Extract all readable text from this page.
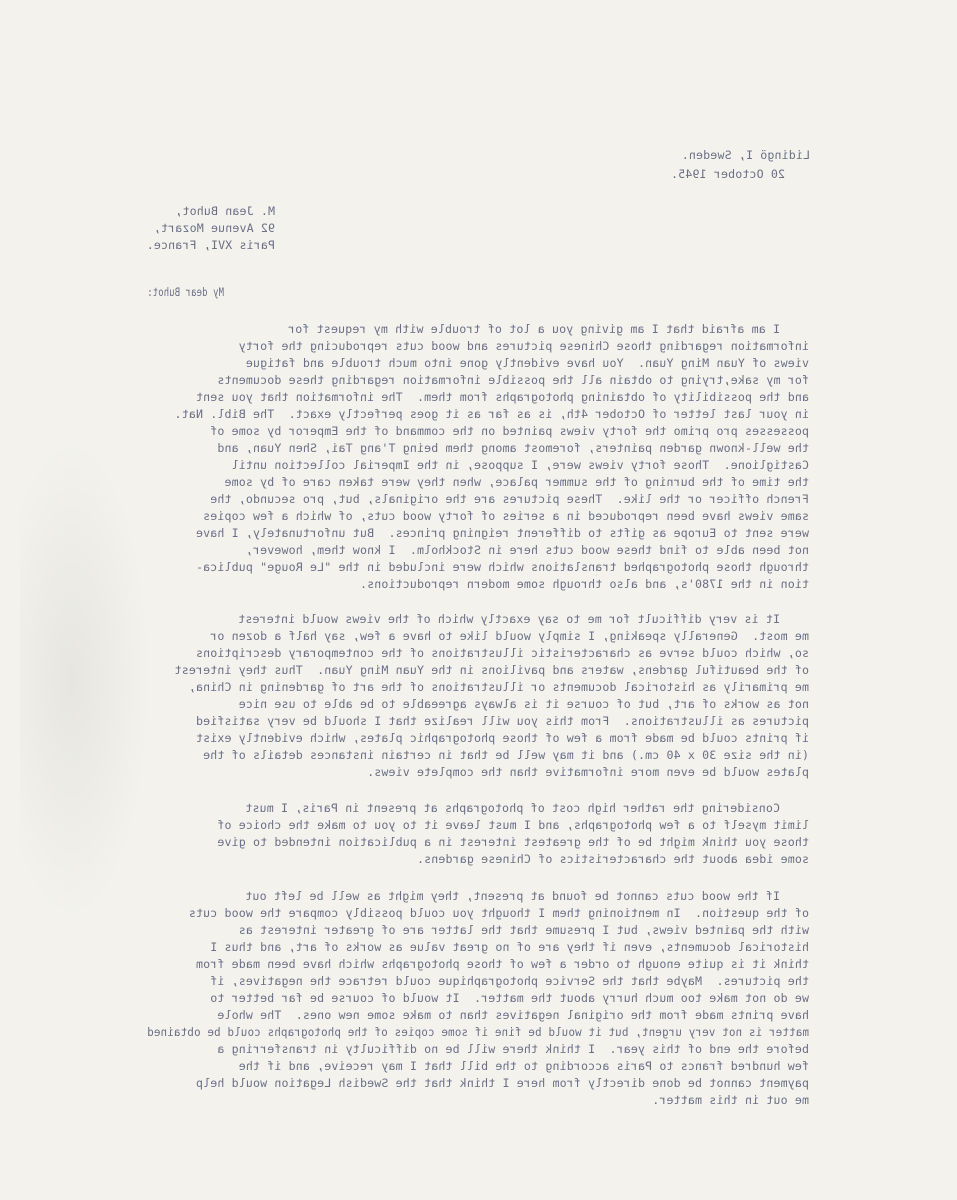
Lidingö I, Sweden.
20 October 1945.
M. Jean Buhot,
92 Avenue Mozart,
Paris XVI, France.
My dear Buhot:
I am afraid that I am giving you a lot of trouble with my request for
information regarding those Chinese pictures and wood cuts reproducing the forty
views of Yuan Ming Yuan.  You have evidently gone into much trouble and fatigue
for my sake,trying to obtain all the possible information regarding these documents
and the possibility of obtaining photographs from them.  The information that you sent
in your last letter of October 4th, is as far as it goes perfectly exact.  The Bibl. Nat.
possesses pro primo the forty views painted on the command of the Emperor by some of
the well-known garden painters, foremost among them being T'ang Tai, Shen Yuan, and
Castiglione.  Those forty views were, I suppose, in the Imperial collection until
the time of the burning of the summer palace, when they were taken care of by some
French officer or the like.  These pictures are the originals, but, pro secundo, the
same views have been reproduced in a series of forty wood cuts, of which a few copies
were sent to Europe as gifts to different reigning princes.  But unfortunately, I have
not been able to find these wood cuts here in Stockholm.  I know them, however,
through those photographed translations which were included in the "Le Rouge" publica-
tion in the 1780's, and also through some modern reproductions.
It is very difficult for me to say exactly which of the views would interest
me most.  Generally speaking, I simply would like to have a few, say half a dozen or
so, which could serve as characteristic illustrations of the contemporary descriptions
of the beautiful gardens, waters and pavilions in the Yuan Ming Yuan.  Thus they interest
me primarily as historical documents or illustrations of the art of gardening in China,
not as works of art, but of course it is always agreeable to be able to use nice
pictures as illustrations.  From this you will realize that I should be very satisfied
if prints could be made from a few of those photographic plates, which evidently exist
(in the size 30 x 40 cm.) and it may well be that in certain instances details of the
plates would be even more informative than the complete views.
Considering the rather high cost of photographs at present in Paris, I must
limit myself to a few photographs, and I must leave it to you to make the choice of
those you think might be of the greatest interest in a publication intended to give
some idea about the characteristics of Chinese gardens.
If the wood cuts cannot be found at present, they might as well be left out
of the question.  In mentioning them I thought you could possibly compare the wood cuts
with the painted views, but I presume that the latter are of greater interest as
historical documents, even if they are of no great value as works of art, and thus I
think it is quite enough to order a few of those photographs which have been made from
the pictures.  Maybe that the Service photographique could retrace the negatives, if
we do not make too much hurry about the matter.  It would of course be far better to
have prints made from the original negatives than to make some new ones.  The whole
matter is not very urgent, but it would be fine if some copies of the photographs could be obtained
before the end of this year.  I think there will be no difficulty in transferring a
few hundred francs to Paris according to the bill that I may receive, and if the
payment cannot be done directly from here I think that the Swedish Legation would help
me out in this matter.
